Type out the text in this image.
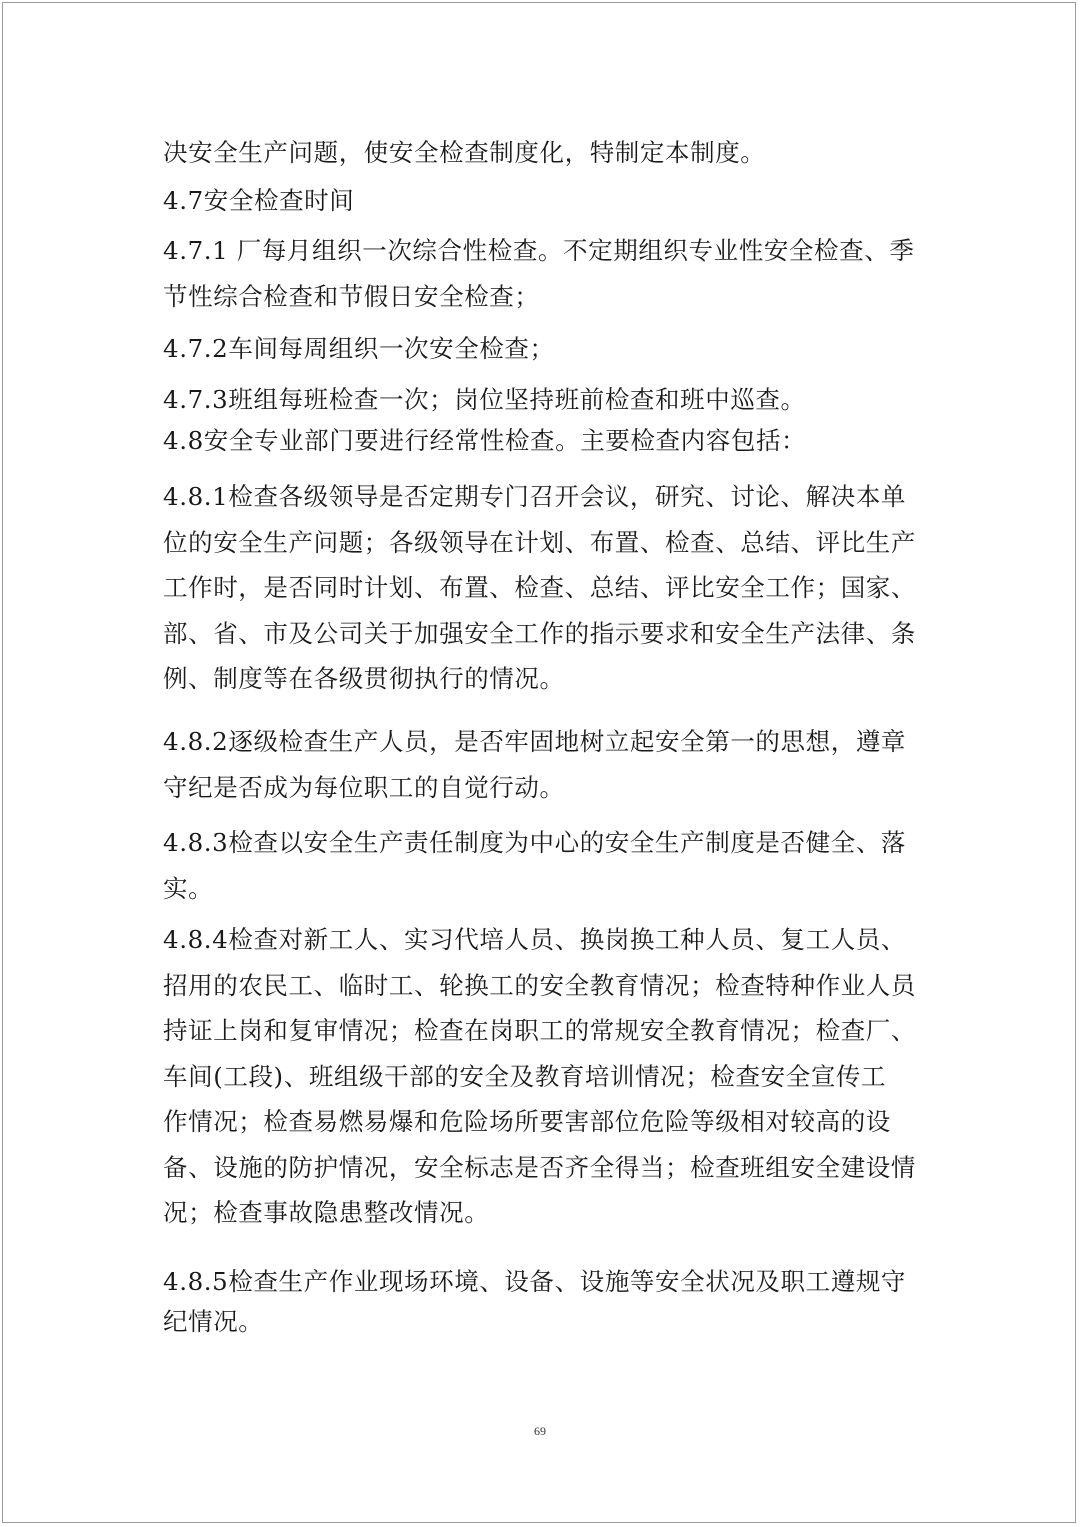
决安全生产问题，使安全检查制度化，特制定本制度。

4.7安全检查时间

4.7.1 厂每月组织一次综合性检查。不定期组织专业性安全检查、季
节性综合检查和节假日安全检查；

4.7.2车间每周组织一次安全检查；

4.7.3班组每班检查一次；岗位坚持班前检查和班中巡查。

4.8安全专业部门要进行经常性检查。主要检查内容包括：

4.8.1检查各级领导是否定期专门召开会议，研究、讨论、解决本单
位的安全生产问题；各级领导在计划、布置、检查、总结、评比生产
工作时，是否同时计划、布置、检查、总结、评比安全工作；国家、
部、省、市及公司关于加强安全工作的指示要求和安全生产法律、条
例、制度等在各级贯彻执行的情况。
4.8.2逐级检查生产人员，是否牢固地树立起安全第一的思想，遵章
守纪是否成为每位职工的自觉行动。
4.8.3检查以安全生产责任制度为中心的安全生产制度是否健全、落
实。
4.8.4检查对新工人、实习代培人员、换岗换工种人员、复工人员、
招用的农民工、临时工、轮换工的安全教育情况；检查特种作业人员
持证上岗和复审情况；检查在岗职工的常规安全教育情况；检查厂、
车间(工段)、班组级干部的安全及教育培训情况；检查安全宣传工
作情况；检查易燃易爆和危险场所要害部位危险等级相对较高的设
备、设施的防护情况，安全标志是否齐全得当；检查班组安全建设情
况；检查事故隐患整改情况。
4.8.5检查生产作业现场环境、设备、设施等安全状况及职工遵规守
纪情况。
69
